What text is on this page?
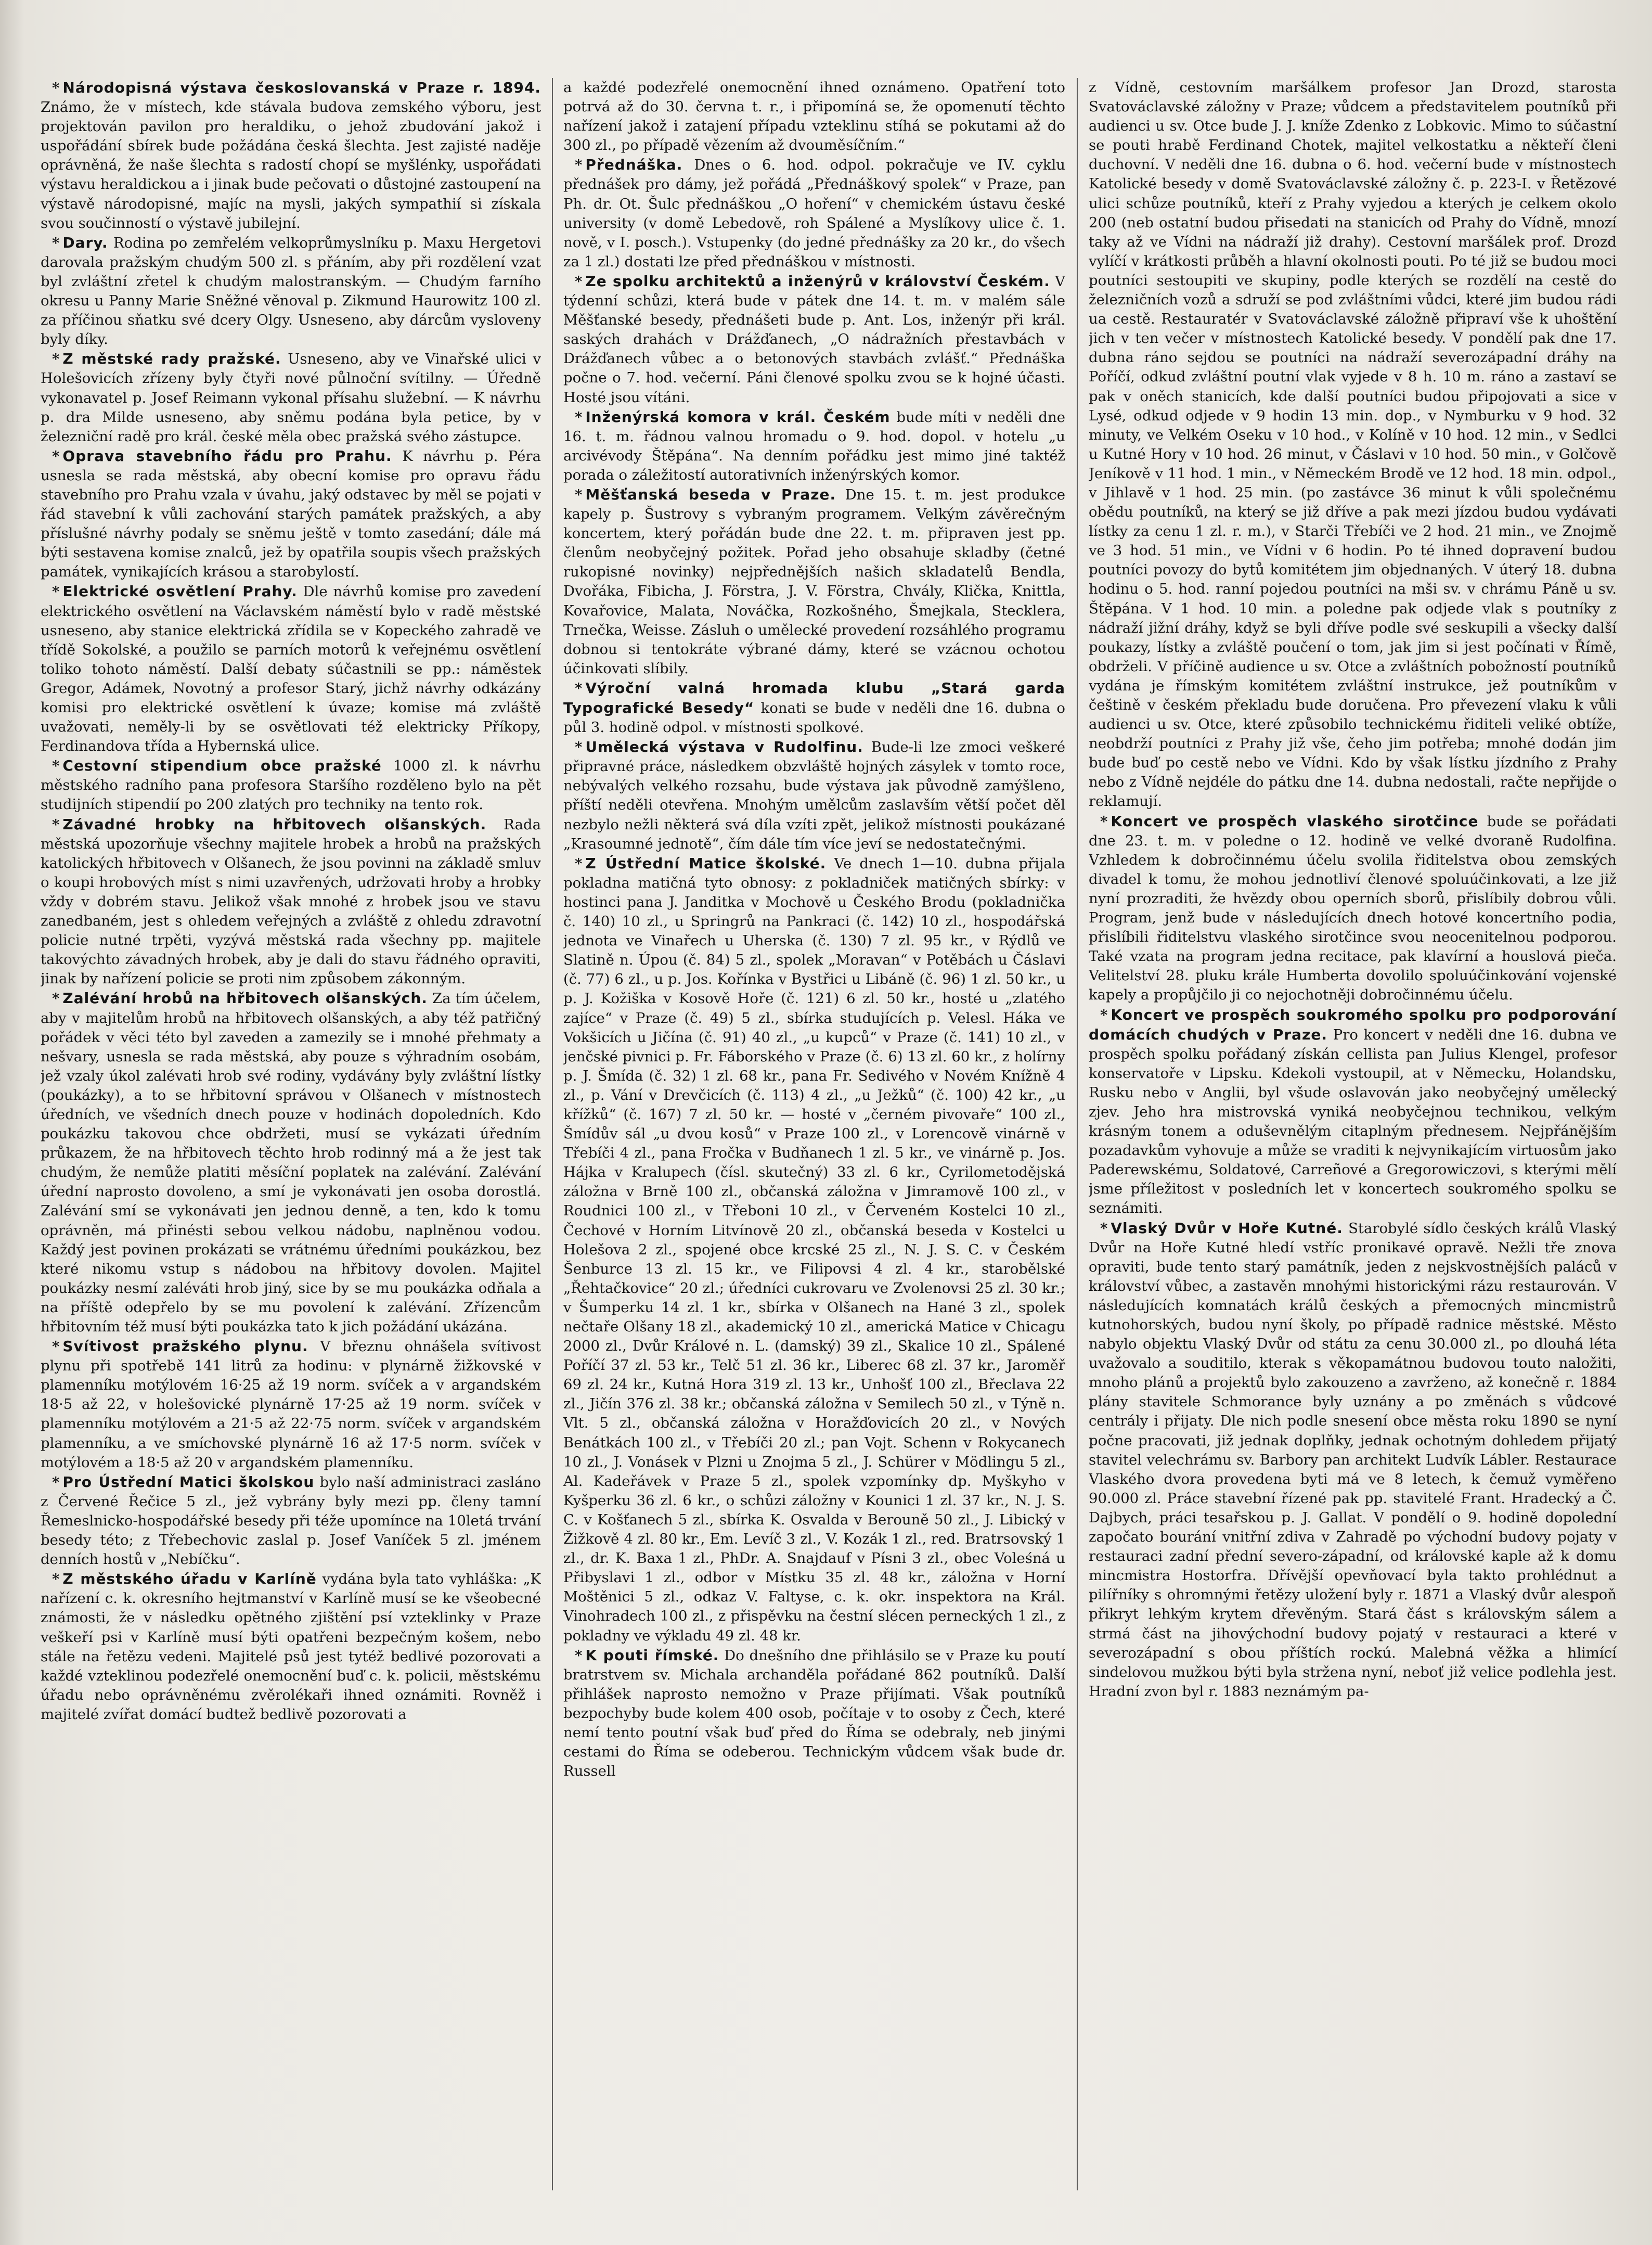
* Národopisná výstava českoslovanská v Praze r. 1894. Známo, že v místech, kde stávala budova zemského výboru, jest projektován pavilon pro heraldiku, o jehož zbudování jakož i uspořádání sbírek bude požádána česká šlechta. Jest zajisté naděje oprávněná, že naše šlechta s radostí chopí se myšlénky, uspořádati výstavu heraldickou a i jinak bude pečovati o důstojné zastoupení na výstavě národopisné, majíc na mysli, jakých sympathií si získala svou součinností o výstavě jubilejní.

* Dary. Rodina po zemřelém velkoprůmyslníku p. Maxu Hergetovi darovala pražským chudým 500 zl. s přáním, aby při rozdělení vzat byl zvláštní zřetel k chudým malostranským. — Chudým farního okresu u Panny Marie Sněžné věnoval p. Zikmund Haurowitz 100 zl. za příčinou sňatku své dcery Olgy. Usneseno, aby dárcům vysloveny byly díky.

* Z městské rady pražské. Usneseno, aby ve Vinařské ulici v Holešovicích zřízeny byly čtyři nové půlnoční svítilny. — Úředně vykonavatel p. Josef Reimann vykonal přísahu služební. — K návrhu p. dra Milde usneseno, aby sněmu podána byla petice, by v železniční radě pro král. české měla obec pražská svého zástupce.

* Oprava stavebního řádu pro Prahu. K návrhu p. Péra usnesla se rada městská, aby obecní komise pro opravu řádu stavebního pro Prahu vzala v úvahu, jaký odstavec by měl se pojati v řád stavební k vůli zachování starých památek pražských, a aby příslušné návrhy podaly se sněmu ještě v tomto zasedání; dále má býti sestavena komise znalců, jež by opatřila soupis všech pražských památek, vynikajících krásou a starobylostí.

* Elektrické osvětlení Prahy. Dle návrhů komise pro zavedení elektrického osvětlení na Václavském náměstí bylo v radě městské usneseno, aby stanice elektrická zřídila se v Kopeckého zahradě ve třídě Sokolské, a použilo se parních motorů k veřejnému osvětlení toliko tohoto náměstí. Další debaty súčastnili se pp.: náměstek Gregor, Adámek, Novotný a profesor Starý, jichž návrhy odkázány komisi pro elektrické osvětlení k úvaze; komise má zvláště uvažovati, neměly-li by se osvětlovati též elektricky Příkopy, Ferdinandova třída a Hybernská ulice.

* Cestovní stipendium obce pražské 1000 zl. k návrhu městského radního pana profesora Staršího rozděleno bylo na pět studijních stipendií po 200 zlatých pro techniky na tento rok.

* Závadné hrobky na hřbitovech olšanských. Rada městská upozorňuje všechny majitele hrobek a hrobů na pražských katolických hřbitovech v Olšanech, že jsou povinni na základě smluv o koupi hrobových míst s nimi uzavřených, udržovati hroby a hrobky vždy v dobrém stavu. Jelikož však mnohé z hrobek jsou ve stavu zanedbaném, jest s ohledem veřejných a zvláště z ohledu zdravotní policie nutné trpěti, vyzývá městská rada všechny pp. majitele takovýchto závadných hrobek, aby je dali do stavu řádného opraviti, jinak by nařízení policie se proti nim způsobem zákonným.

* Zalévání hrobů na hřbitovech olšanských. Za tím účelem, aby v majitelům hrobů na hřbitovech olšanských, a aby též patřičný pořádek v věci této byl zaveden a zamezily se i mnohé přehmaty a nešvary, usnesla se rada městská, aby pouze s výhradním osobám, jež vzaly úkol zalévati hrob své rodiny, vydávány byly zvláštní lístky (poukázky), a to se hřbitovní správou v Olšanech v místnostech úředních, ve všedních dnech pouze v hodinách dopoledních. Kdo poukázku takovou chce obdržeti, musí se vykázati úředním průkazem, že na hřbitovech těchto hrob rodinný má a že jest tak chudým, že nemůže platiti měsíční poplatek na zalévání. Zalévání úřední naprosto dovoleno, a smí je vykonávati jen osoba dorostlá. Zalévání smí se vykonávati jen jednou denně, a ten, kdo k tomu oprávněn, má přinésti sebou velkou nádobu, naplněnou vodou. Každý jest povinen prokázati se vrátnému úředními poukázkou, bez které nikomu vstup s nádobou na hřbitovy dovolen. Majitel poukázky nesmí zaléváti hrob jiný, sice by se mu poukázka odňala a na příště odepřelo by se mu povolení k zalévání. Zřízencům hřbitovním též musí býti poukázka tato k jich požádání ukázána.

* Svítivost pražského plynu. V březnu ohnášela svítivost plynu při spotřebě 141 litrů za hodinu: v plynárně žižkovské v plamenníku motýlovém 16·25 až 19 norm. svíček a v argandském 18·5 až 22, v holešovické plynárně 17·25 až 19 norm. svíček v plamenníku motýlovém a 21·5 až 22·75 norm. svíček v argandském plamenníku, a ve smíchovské plynárně 16 až 17·5 norm. svíček v motýlovém a 18·5 až 20 v argandském plamenníku.

* Pro Ústřední Matici školskou bylo naší administraci zasláno z Červené Řečice 5 zl., jež vybrány byly mezi pp. členy tamní Řemeslnicko-hospodářské besedy při téže upomínce na 10letá trvání besedy této; z Třebechovic zaslal p. Josef Vaníček 5 zl. jménem denních hostů v „Nebíčku“.

* Z městského úřadu v Karlíně vydána byla tato vyhláška: „K nařízení c. k. okresního hejtmanství v Karlíně musí se ke všeobecné známosti, že v následku opětného zjištění psí vzteklinky v Praze veškeří psi v Karlíně musí býti opatřeni bezpečným košem, nebo stále na řetězu vedeni. Majitelé psů jest tytéž bedlivé pozorovati a každé vzteklinou podezřelé onemocnění buď c. k. policii, městskému úřadu nebo oprávněnému zvěrolékaři ihned oznámiti. Rovněž i majitelé zvířat domácí budtež bedlivě pozorovati a

a každé podezřelé onemocnění ihned oznámeno. Opatření toto potrvá až do 30. června t. r., i připomíná se, že opomenutí těchto nařízení jakož i zatajení případu vzteklinu stíhá se pokutami až do 300 zl., po případě vězením až dvouměsíčním.“

* Přednáška. Dnes o 6. hod. odpol. pokračuje ve IV. cyklu přednášek pro dámy, jež pořádá „Přednáškový spolek“ v Praze, pan Ph. dr. Ot. Šulc přednáškou „O hoření“ v chemickém ústavu české university (v domě Lebedově, roh Spálené a Myslíkovy ulice č. 1. nově, v I. posch.). Vstupenky (do jedné přednášky za 20 kr., do všech za 1 zl.) dostati lze před přednáškou v místnosti.

* Ze spolku architektů a inženýrů v království Českém. V týdenní schůzi, která bude v pátek dne 14. t. m. v malém sále Měšťanské besedy, přednášeti bude p. Ant. Los, inženýr při král. saských drahách v Drážďanech, „O nádražních přestavbách v Drážďanech vůbec a o betonových stavbách zvlášť.“ Přednáška počne o 7. hod. večerní. Páni členové spolku zvou se k hojné účasti. Hosté jsou vítáni.

* Inženýrská komora v král. Českém bude míti v neděli dne 16. t. m. řádnou valnou hromadu o 9. hod. dopol. v hotelu „u arcivévody Štěpána“. Na denním pořádku jest mimo jiné taktéž porada o záležitostí autorativních inženýrských komor.

* Měšťanská beseda v Praze. Dne 15. t. m. jest produkce kapely p. Šustrovy s vybraným programem. Velkým závěrečným koncertem, který pořádán bude dne 22. t. m. připraven jest pp. členům neobyčejný požitek. Pořad jeho obsahuje skladby (četné rukopisné novinky) nejpřednějších našich skladatelů Bendla, Dvořáka, Fibicha, J. Förstra, J. V. Förstra, Chvály, Klička, Knittla, Kovařovice, Malata, Nováčka, Rozkošného, Šmejkala, Stecklera, Trnečka, Weisse. Zásluh o umělecké provedení rozsáhlého programu dobnou si tentokráte výbrané dámy, které se vzácnou ochotou účinkovati slíbily.

* Výroční valná hromada klubu „Stará garda Typografické Besedy“ konati se bude v neděli dne 16. dubna o půl 3. hodině odpol. v místnosti spolkové.

* Umělecká výstava v Rudolfinu. Bude-li lze zmoci veškeré připravné práce, následkem obzvláště hojných zásylek v tomto roce, nebývalých velkého rozsahu, bude výstava jak původně zamýšleno, příští neděli otevřena. Mnohým umělcům zaslavším větší počet děl nezbylo nežli některá svá díla vzíti zpět, jelikož místnosti poukázané „Krasoumné jednotě“, čím dále tím více jeví se nedostatečnými.

* Z Ústřední Matice školské. Ve dnech 1—10. dubna přijala pokladna matičná tyto obnosy: z pokladniček matičných sbírky: v hostinci pana J. Janditka v Mochově u Českého Brodu (pokladnička č. 140) 10 zl., u Springrů na Pankraci (č. 142) 10 zl., hospodářská jednota ve Vinařech u Uherska (č. 130) 7 zl. 95 kr., v Rýdlů ve Slatině n. Úpou (č. 84) 5 zl., spolek „Moravan“ v Potěbách u Čáslavi (č. 77) 6 zl., u p. Jos. Kořínka v Bystřici u Libáně (č. 96) 1 zl. 50 kr., u p. J. Kožiška v Kosově Hoře (č. 121) 6 zl. 50 kr., hosté u „zlatého zajíce“ v Praze (č. 49) 5 zl., sbírka studujících p. Velesl. Háka ve Vokšicích u Jičína (č. 91) 40 zl., „u kupců“ v Praze (č. 141) 10 zl., v jenčské pivnici p. Fr. Fáborského v Praze (č. 6) 13 zl. 60 kr., z holírny p. J. Šmída (č. 32) 1 zl. 68 kr., pana Fr. Sedivého v Novém Knížně 4 zl., p. Vání v Drevčicích (č. 113) 4 zl., „u Ježků“ (č. 100) 42 kr., „u křížků“ (č. 167) 7 zl. 50 kr. — hosté v „černém pivovaře“ 100 zl., Šmídův sál „u dvou kosů“ v Praze 100 zl., v Lorencově vinárně v Třebíči 4 zl., pana Fročka v Budňanech 1 zl. 5 kr., ve vinárně p. Jos. Hájka v Kralupech (čísl. skutečný) 33 zl. 6 kr., Cyrilometodějská záložna v Brně 100 zl., občanská záložna v Jimramově 100 zl., v Roudnici 100 zl., v Třeboni 10 zl., v Červeném Kostelci 10 zl., Čechové v Horním Litvínově 20 zl., občanská beseda v Kostelci u Holešova 2 zl., spojené obce krcské 25 zl., N. J. S. C. v Českém Šenburce 13 zl. 15 kr., ve Filipovsi 4 zl. 4 kr., starobělské „Řehtačkovice“ 20 zl.; úředníci cukrovaru ve Zvolenovsi 25 zl. 30 kr.; v Šumperku 14 zl. 1 kr., sbírka v Olšanech na Hané 3 zl., spolek nečtaře Olšany 18 zl., akademický 10 zl., americká Matice v Chicagu 2000 zl., Dvůr Králové n. L. (damský) 39 zl., Skalice 10 zl., Spálené Poříčí 37 zl. 53 kr., Telč 51 zl. 36 kr., Liberec 68 zl. 37 kr., Jaroměř 69 zl. 24 kr., Kutná Hora 319 zl. 13 kr., Unhošť 100 zl., Břeclava 22 zl., Jičín 376 zl. 38 kr.; občanská záložna v Semilech 50 zl., v Týně n. Vlt. 5 zl., občanská záložna v Horažďovicích 20 zl., v Nových Benátkách 100 zl., v Třebíči 20 zl.; pan Vojt. Schenn v Rokycanech 10 zl., J. Vonásek v Plzni u Znojma 5 zl., J. Schürer v Mödlingu 5 zl., Al. Kadeřávek v Praze 5 zl., spolek vzpomínky dp. Myškyho v Kyšperku 36 zl. 6 kr., o schůzi záložny v Kounici 1 zl. 37 kr., N. J. S. C. v Košťanech 5 zl., sbírka K. Osvalda v Berouně 50 zl., J. Libický v Žižkově 4 zl. 80 kr., Em. Levíč 3 zl., V. Kozák 1 zl., red. Bratrsovský 1 zl., dr. K. Baxa 1 zl., PhDr. A. Snajdauf v Písni 3 zl., obec Voleśná u Přibyslavi 1 zl., odbor v Místku 35 zl. 48 kr., záložna v Horní Moštěnici 5 zl., odkaz V. Faltyse, c. k. okr. inspektora na Král. Vinohradech 100 zl., z přispěvku na čestní slécen perneckých 1 zl., z pokladny ve výkladu 49 zl. 48 kr.

* K pouti římské. Do dnešního dne přihlásilo se v Praze ku poutí bratrstvem sv. Michala archanděla pořádané 862 poutníků. Další přihlášek naprosto nemožno v Praze přijímati. Však poutníků bezpochyby bude kolem 400 osob, počítaje v to osoby z Čech, které nemí tento poutní však buď před do Říma se odebraly, neb jinými cestami do Říma se odeberou. Technickým vůdcem však bude dr. Russell

z Vídně, cestovním maršálkem profesor Jan Drozd, starosta Svatováclavské záložny v Praze; vůdcem a představitelem poutníků při audienci u sv. Otce bude J. J. kníže Zdenko z Lobkovic. Mimo to súčastní se pouti hrabě Ferdinand Chotek, majitel velkostatku a někteří členi duchovní. V neděli dne 16. dubna o 6. hod. večerní bude v místnostech Katolické besedy v domě Svatováclavské záložny č. p. 223-I. v Řetězové ulici schůze poutníků, kteří z Prahy vyjedou a kterých je celkem okolo 200 (neb ostatní budou přisedati na stanicích od Prahy do Vídně, mnozí taky až ve Vídni na nádraží již drahy). Cestovní maršálek prof. Drozd vylíčí v krátkosti průběh a hlavní okolnosti pouti. Po té již se budou moci poutníci sestoupiti ve skupiny, podle kterých se rozdělí na cestě do železničních vozů a sdruží se pod zvláštními vůdci, které jim budou rádi ua cestě. Restauratér v Svatováclavské záložně připraví vše k uhoštění jich v ten večer v místnostech Katolické besedy. V pondělí pak dne 17. dubna ráno sejdou se poutníci na nádraží severozápadní dráhy na Poříčí, odkud zvláštní poutní vlak vyjede v 8 h. 10 m. ráno a zastaví se pak v oněch stanicích, kde další poutníci budou připojovati a sice v Lysé, odkud odjede v 9 hodin 13 min. dop., v Nymburku v 9 hod. 32 minuty, ve Velkém Oseku v 10 hod., v Kolíně v 10 hod. 12 min., v Sedlci u Kutné Hory v 10 hod. 26 minut, v Čáslavi v 10 hod. 50 min., v Golčově Jeníkově v 11 hod. 1 min., v Německém Brodě ve 12 hod. 18 min. odpol., v Jihlavě v 1 hod. 25 min. (po zastávce 36 minut k vůli společnému obědu poutníků, na který se již dříve a pak mezi jízdou budou vydávati lístky za cenu 1 zl. r. m.), v Starči Třebíči ve 2 hod. 21 min., ve Znojmě ve 3 hod. 51 min., ve Vídni v 6 hodin. Po té ihned dopravení budou poutníci povozy do bytů komitétem jim objednaných. V úterý 18. dubna hodinu o 5. hod. ranní pojedou poutníci na mši sv. v chrámu Páně u sv. Štěpána. V 1 hod. 10 min. a poledne pak odjede vlak s poutníky z nádraží jižní dráhy, když se byli dříve podle své seskupili a všecky další poukazy, lístky a zvláště poučení o tom, jak jim si jest počínati v Římě, obdrželi. V příčině audience u sv. Otce a zvláštních pobožností poutníků vydána je římským komitétem zvláštní instrukce, jež poutníkům v češtině v českém překladu bude doručena. Pro převezení vlaku k vůli audienci u sv. Otce, které způsobilo technickému řiditeli veliké obtíže, neobdrží poutníci z Prahy již vše, čeho jim potřeba; mnohé dodán jim bude buď po cestě nebo ve Vídni. Kdo by však lístku jízdního z Prahy nebo z Vídně nejdéle do pátku dne 14. dubna nedostali, račte nepřijde o reklamují.

* Koncert ve prospěch vlaského sirotčince bude se pořádati dne 23. t. m. v poledne o 12. hodině ve velké dvoraně Rudolfina. Vzhledem k dobročinnému účelu svolila řiditelstva obou zemských divadel k tomu, že mohou jednotliví členové spoluúčinkovati, a lze již nyní prozraditi, že hvězdy obou operních sborů, přislíbily dobrou vůli. Program, jenž bude v následujících dnech hotové koncertního podia, přislíbili řiditelstvu vlaského sirotčince svou neocenitelnou podporou. Také vzata na program jedna recitace, pak klavírní a houslová pieča. Velitelství 28. pluku krále Humberta dovolilo spoluúčinkování vojenské kapely a propůjčilo ji co nejochotněji dobročinnému účelu.

* Koncert ve prospěch soukromého spolku pro podporování domácích chudých v Praze. Pro koncert v neděli dne 16. dubna ve prospěch spolku pořádaný získán cellista pan Julius Klengel, profesor konservatoře v Lipsku. Kdekoli vystoupil, at v Německu, Holandsku, Rusku nebo v Anglii, byl všude oslavován jako neobyčejný umělecký zjev. Jeho hra mistrovská vyniká neobyčejnou technikou, velkým krásným tonem a oduševnělým citaplným přednesem. Nejpřánějším pozadavkům vyhovuje a může se vraditi k nejvynikajícím virtuosům jako Paderewskému, Soldatové, Carreñové a Gregorowiczovi, s kterými mělí jsme příležitost v posledních let v koncertech soukromého spolku se seznámiti.

* Vlaský Dvůr v Hoře Kutné. Starobylé sídlo českých králů Vlaský Dvůr na Hoře Kutné hledí vstříc pronikavé opravě. Nežli tře znova opraviti, bude tento starý památník, jeden z nejskvostnějších paláců v království vůbec, a zastavěn mnohými historickými rázu restaurován. V následujících komnatách králů českých a přemocných mincmistrů kutnohorských, budou nyní školy, po případě radnice městské. Město nabylo objektu Vlaský Dvůr od státu za cenu 30.000 zl., po dlouhá léta uvažovalo a souditilo, kterak s věkopamátnou budovou touto naložiti, mnoho plánů a projektů bylo zakouzeno a zavrženo, až konečně r. 1884 plány stavitele Schmorance byly uznány a po změnách s vůdcové centrály i přijaty. Dle nich podle snesení obce města roku 1890 se nyní počne pracovati, již jednak doplňky, jednak ochotným dohledem přijatý stavitel velechrámu sv. Barbory pan architekt Ludvík Lábler. Restaurace Vlaského dvora provedena byti má ve 8 letech, k čemuž vyměřeno 90.000 zl. Práce stavební řízené pak pp. stavitelé Frant. Hradecký a Č. Dajbych, práci tesařskou p. J. Gallat. V pondělí o 9. hodině dopolední započato bourání vnitřní zdiva v Zahradě po východní budovy pojaty v restauraci zadní přední severo-západní, od královské kaple až k domu mincmistra Hostorfra. Dřívější opevňovací byla takto prohlédnut a pilířníky s ohromnými řetězy uložení byly r. 1871 a Vlaský dvůr alespoň přikryt lehkým krytem dřevěným. Stará část s královským sálem a strmá část na jihovýchodní budovy pojatý v restauraci a které v severozápadní s obou příštích rockú. Malebná věžka a hlimící sindelovou mužkou býti byla stržena nyní, neboť již velice podlehla jest. Hradní zvon byl r. 1883 neznámým pa-
